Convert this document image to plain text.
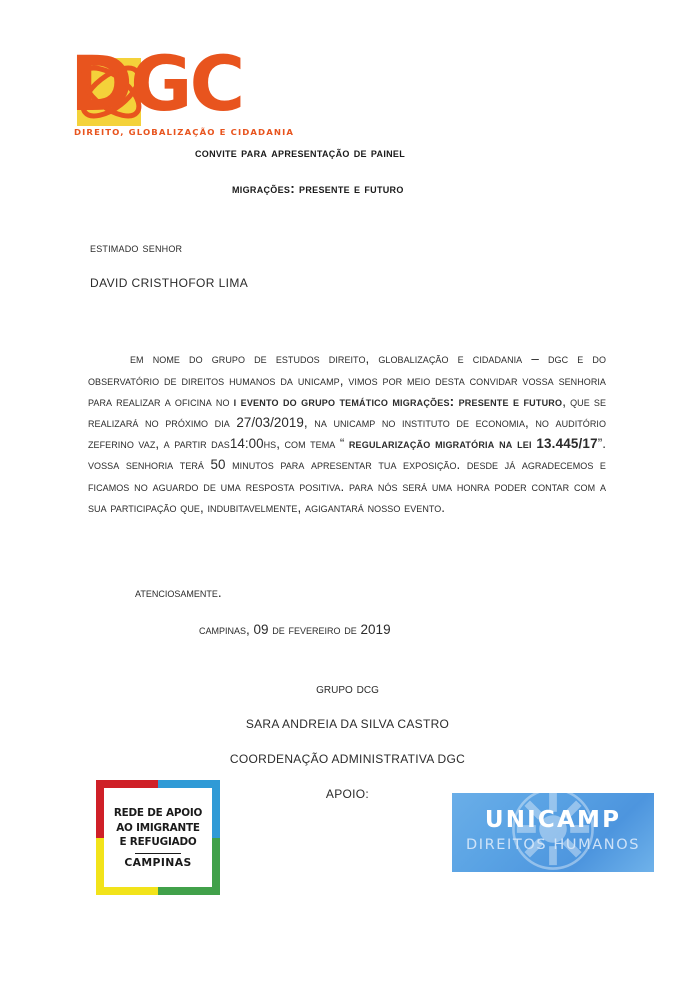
DGC
DIREITO, GLOBALIZAÇÃO E CIDADANIA
convite para apresentação de painel
migrações: presente e futuro
estimado senhor
DAVID CRISTHOFOR LIMA

em nome do grupo de estudos direito, globalização e cidadania – dgc e do observatório de direitos humanos da unicamp, vimos por meio desta convidar vossa senhoria para realizar a oficina no i evento do grupo temático migrações: presente e futuro, que se realizará no próximo dia 27/03/2019, na unicamp no instituto de economia, no auditório zeferino vaz, a partir das14:00hs, com tema “ regularização migratória na lei 13.445/17”. vossa senhoria terá 50 minutos para apresentar tua exposição. desde já agradecemos e ficamos no aguardo de uma resposta positiva. para nós será uma honra poder contar com a sua participação que, indubitavelmente, agigantará nosso evento.

atenciosamente.
campinas, 09 de fevereiro de 2019
grupo dcg
SARA ANDREIA DA SILVA CASTRO
COORDENAÇÃO ADMINISTRATIVA DGC
APOIO:
REDE DE APOIO
AO IMIGRANTE
E REFUGIADO
CAMPINAS
UNICAMP
DIREITOS HUMANOS
